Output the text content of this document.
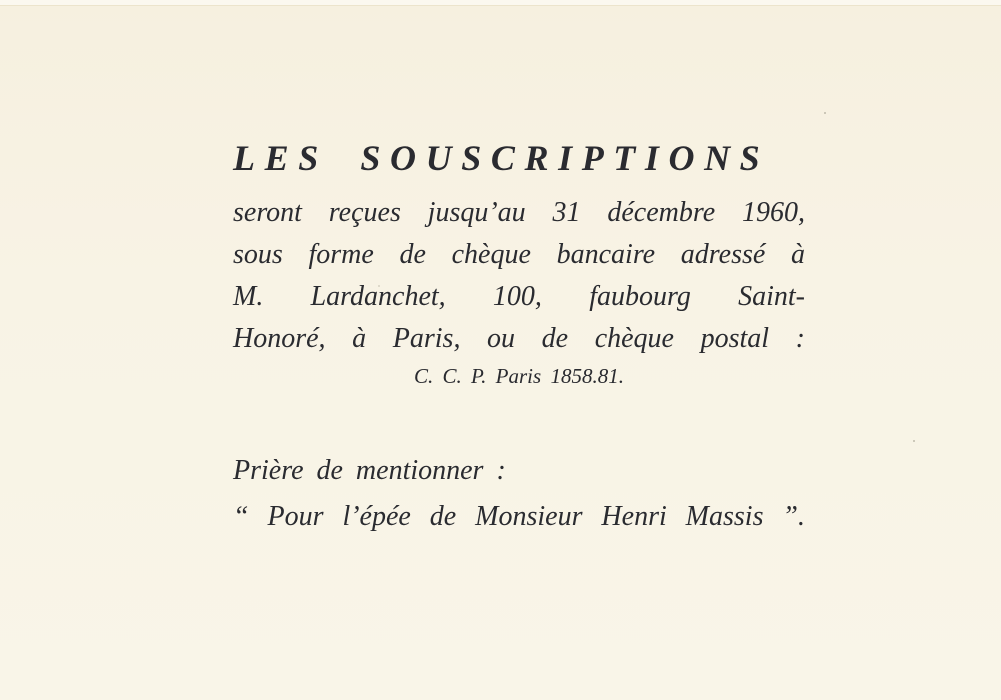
LES SOUSCRIPTIONS

seront reçues jusqu’au 31 décembre 1960,
sous forme de chèque bancaire adressé à
M. Lardanchet, 100, faubourg Saint-
Honoré, à Paris, ou de chèque postal :

C. C. P. Paris 1858.81.
Prière de mentionner :
“ Pour l’épée de Monsieur Henri Massis ”.
